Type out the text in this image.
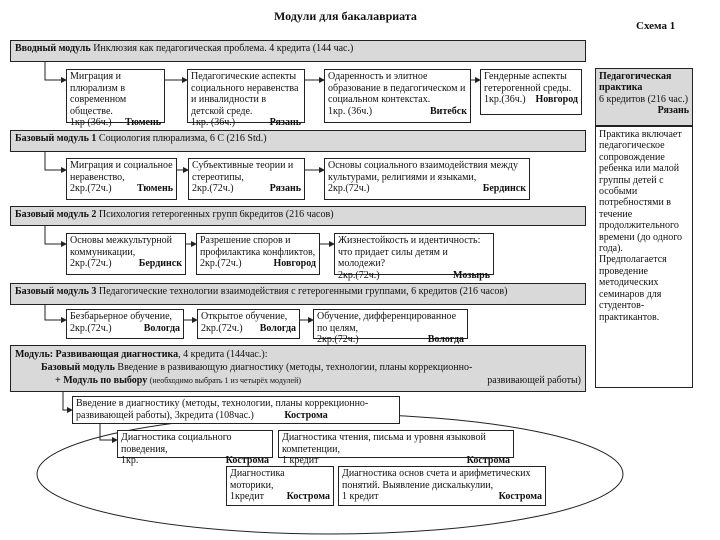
Модули для бакалавриата
Схема 1
Вводный модуль Инклюзия как педагогическая проблема. 4 кредита (144 час.)
Миграция и плюрализм в современном обществе.
1кр (36ч.) Тюмень
Педагогические аспекты социального неравенства и инвалидности в детской среде.
1кр. (36ч.)	Рязань
Одаренность и элитное образование в педагогическом и социальном контекстах.
1кр. (36ч.)	Витебск
Гендерные аспекты гетерогенной среды.
1кр.(36ч.) Новгород
Базовый модуль 1 Социология плюрализма, 6 С (216 Std.)
Миграция и социальное неравенство,
2кр.(72ч.)	Тюмень
Субъективные теории и стереотипы,
2кр.(72ч.)	Рязань
Основы социального взаимодействия между культурами, религиями и языками,
2кр.(72ч.)	Бердинск
Базовый модуль 2 Психология гетерогенных групп 6кредитов (216 часов)
Основы межкультурной коммуникации,
2кр.(72ч.)	Бердинск
Разрешение споров и профилактика конфликтов,
2кр.(72ч.)	Новгород
Жизнестойкость и идентичность: что придает силы детям и молодежи?
2кр.(72ч.)	Мозырь
Базовый модуль 3 Педагогические технологии взаимодействия с гетерогенными группами, 6 кредитов (216 часов)
Безбарьерное обучение,
2кр.(72ч.)	Вологда
Открытое обучение,
2кр.(72ч.) Вологда
Обучение, дифференцированное по целям,
2кр.(72ч.)	Вологда
Модуль: Развивающая диагностика, 4 кредита (144час.):
Базовый модуль Введение в развивающую диагностику (методы, технологии, планы коррекционно-
+ Модуль по выбору (необходимо выбрать 1 из четырёх модулей)	развивающей работы)
Введение в диагностику (методы, технологии, планы коррекционно-развивающей работы), 3кредита (108час.)	Кострома
Диагностика социального поведения,
1кр.	Кострома
Диагностика чтения, письма и уровня языковой компетенции,
1 кредит	Кострома
Диагностика моторики,
1кредит Кострома
Диагностика основ счета и арифметических понятий. Выявление дискалькулии,
1 кредит	Кострома
Педагогическая практика
6 кредитов (216 час.)
Рязань
Практика включает педагогическое сопровождение ребенка или малой группы детей с особыми потребностями в течение продолжительного времени (до одного года).
Предполагается проведение методических семинаров для студентов-практикантов.
